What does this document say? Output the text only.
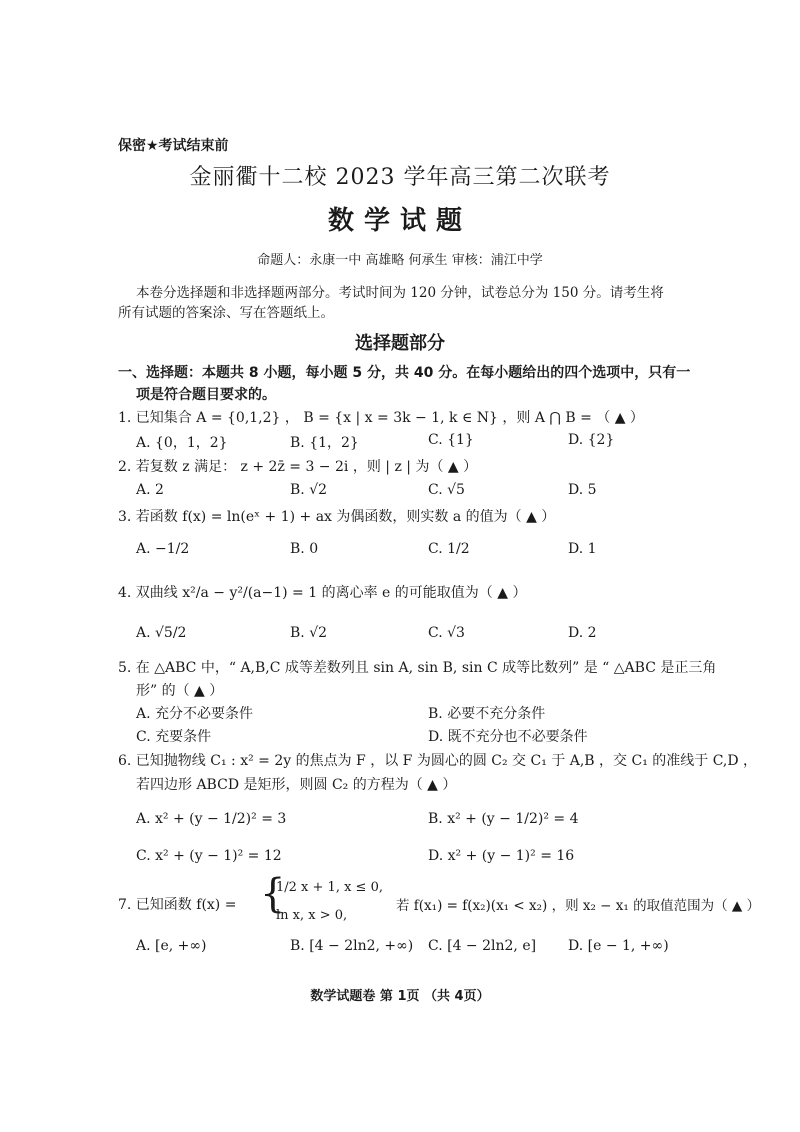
保密★考试结束前
金丽衢十二校 2023 学年高三第二次联考
数学试题
命题人：永康一中 高雄略 何承生 审核：浦江中学
本卷分选择题和非选择题两部分。考试时间为 120 分钟，试卷总分为 150 分。请考生将
所有试题的答案涂、写在答题纸上。
选择题部分
一、选择题：本题共 8 小题，每小题 5 分，共 40 分。在每小题给出的四个选项中，只有一
项是符合题目要求的。
1. 已知集合 A = {0,1,2} ， B = {x | x = 3k − 1, k ∈ N} ，则 A ⋂ B = （ ▲ ）
A. {0，1，2}	B. {1，2}	C. {1}	D. {2}
2. 若复数 z 满足： z + 2z̄ = 3 − 2i ，则 | z | 为（ ▲ ）
A. 2	B. √2	C. √5	D. 5
3. 若函数 f(x) = ln(eˣ + 1) + ax 为偶函数，则实数 a 的值为（ ▲ ）
A. −1/2	B. 0	C. 1/2	D. 1
4. 双曲线 x²/a − y²/(a−1) = 1 的离心率 e 的可能取值为（ ▲ ）
A. √5/2	B. √2	C. √3	D. 2
5. 在 △ABC 中，“ A,B,C 成等差数列且 sin A, sin B, sin C 成等比数列” 是 “ △ABC 是正三角
形” 的（ ▲ ）
A. 充分不必要条件	B. 必要不充分条件
C. 充要条件	D. 既不充分也不必要条件
6. 已知抛物线 C₁ : x² = 2y 的焦点为 F ，以 F 为圆心的圆 C₂ 交 C₁ 于 A,B ，交 C₁ 的准线于 C,D ，
若四边形 ABCD 是矩形，则圆 C₂ 的方程为（ ▲ ）
A. x² + (y − 1/2)² = 3	B. x² + (y − 1/2)² = 4
C. x² + (y − 1)² = 12	D. x² + (y − 1)² = 16
7. 已知函数 f(x) = {
1/2 x + 1, x ≤ 0,
ln x, x > 0,
若 f(x₁) = f(x₂)(x₁ < x₂) ，则 x₂ − x₁ 的取值范围为（ ▲ ）
A. [e, +∞)	B. [4 − 2ln2, +∞) C. [4 − 2ln2, e] D. [e − 1, +∞)
数学试题卷 第 1页 （共 4页）
